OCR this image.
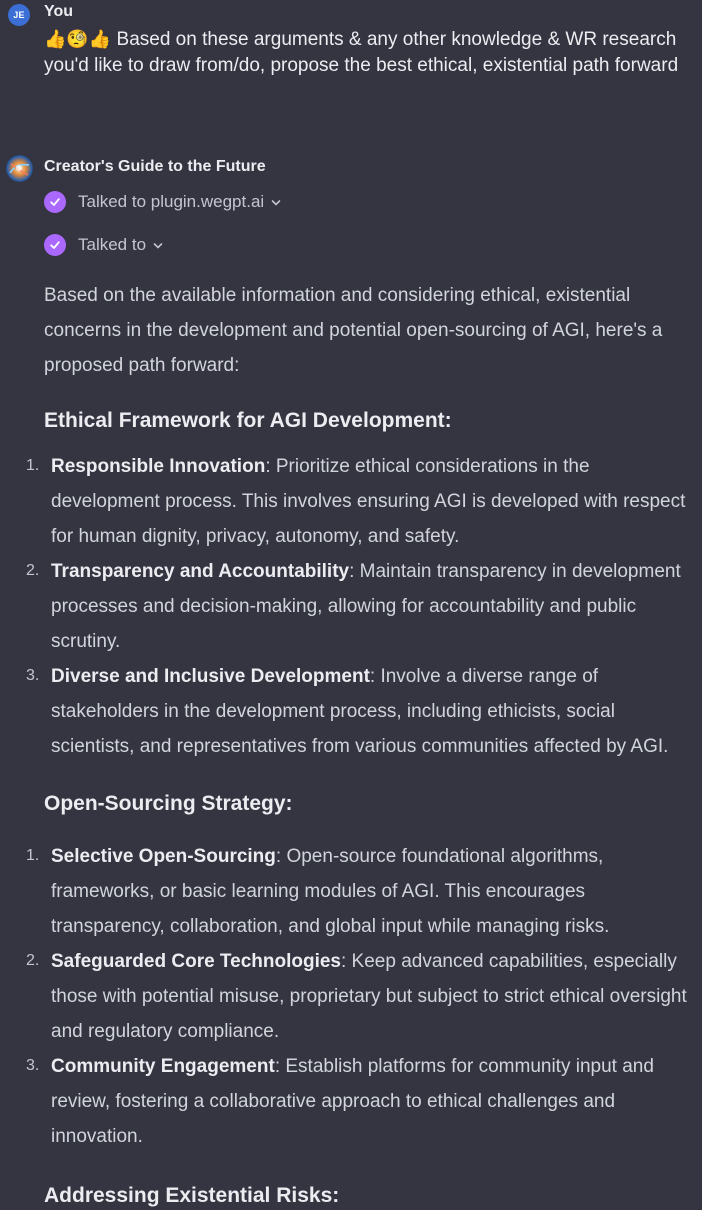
JE	You

👍🧐👍 Based on these arguments & any other knowledge & WR research you'd like to draw from/do, propose the best ethical, existential path forward

Creator's Guide to the Future
Talked to plugin.wegpt.ai
Talked to

Based on the available information and considering ethical, existential concerns in the development and potential open-sourcing of AGI, here's a proposed path forward:

Ethical Framework for AGI Development:
1. Responsible Innovation: Prioritize ethical considerations in the development process. This involves ensuring AGI is developed with respect for human dignity, privacy, autonomy, and safety.
2. Transparency and Accountability: Maintain transparency in development processes and decision-making, allowing for accountability and public scrutiny.
3. Diverse and Inclusive Development: Involve a diverse range of stakeholders in the development process, including ethicists, social scientists, and representatives from various communities affected by AGI.
Open-Sourcing Strategy:
1. Selective Open-Sourcing: Open-source foundational algorithms, frameworks, or basic learning modules of AGI. This encourages transparency, collaboration, and global input while managing risks.
2. Safeguarded Core Technologies: Keep advanced capabilities, especially those with potential misuse, proprietary but subject to strict ethical oversight and regulatory compliance.
3. Community Engagement: Establish platforms for community input and review, fostering a collaborative approach to ethical challenges and innovation.
Addressing Existential Risks:
